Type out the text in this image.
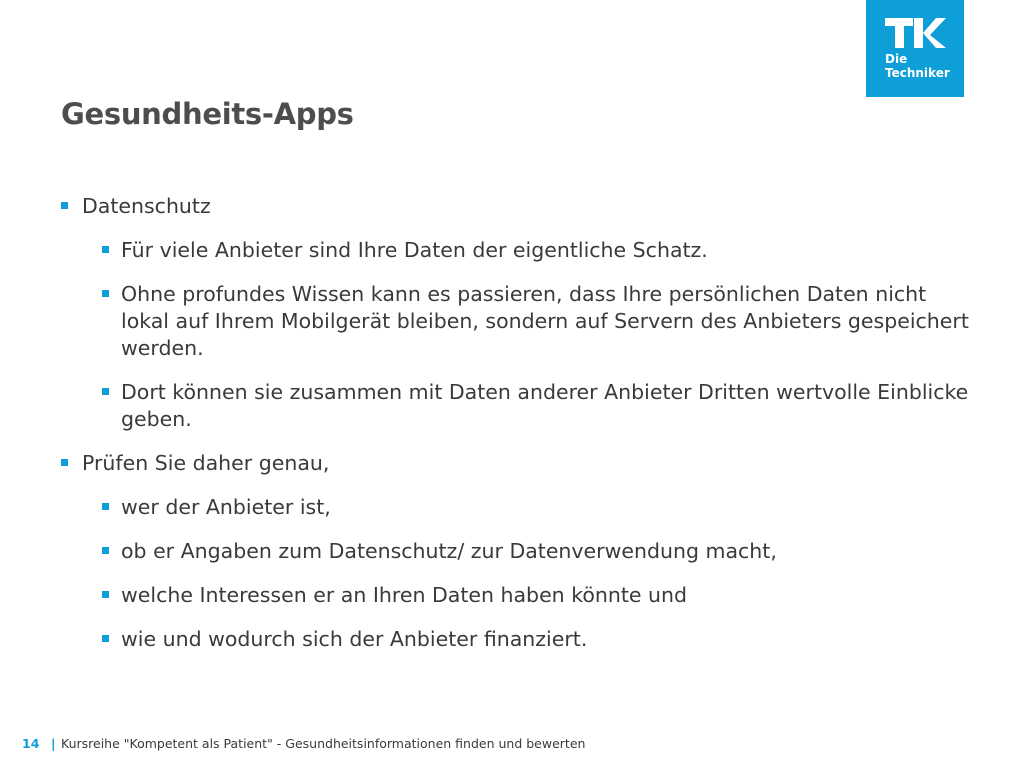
Die
Techniker
Gesundheits-Apps
Datenschutz
Für viele Anbieter sind Ihre Daten der eigentliche Schatz.
Ohne profundes Wissen kann es passieren, dass Ihre persönlichen Daten nicht lokal auf Ihrem Mobilgerät bleiben, sondern auf Servern des Anbieters gespeichert werden.
Dort können sie zusammen mit Daten anderer Anbieter Dritten wertvolle Einblicke geben.
Prüfen Sie daher genau,
wer der Anbieter ist,
ob er Angaben zum Datenschutz/ zur Datenverwendung macht,
welche Interessen er an Ihren Daten haben könnte und
wie und wodurch sich der Anbieter finanziert.
14 | Kursreihe "Kompetent als Patient" - Gesundheitsinformationen finden und bewerten
